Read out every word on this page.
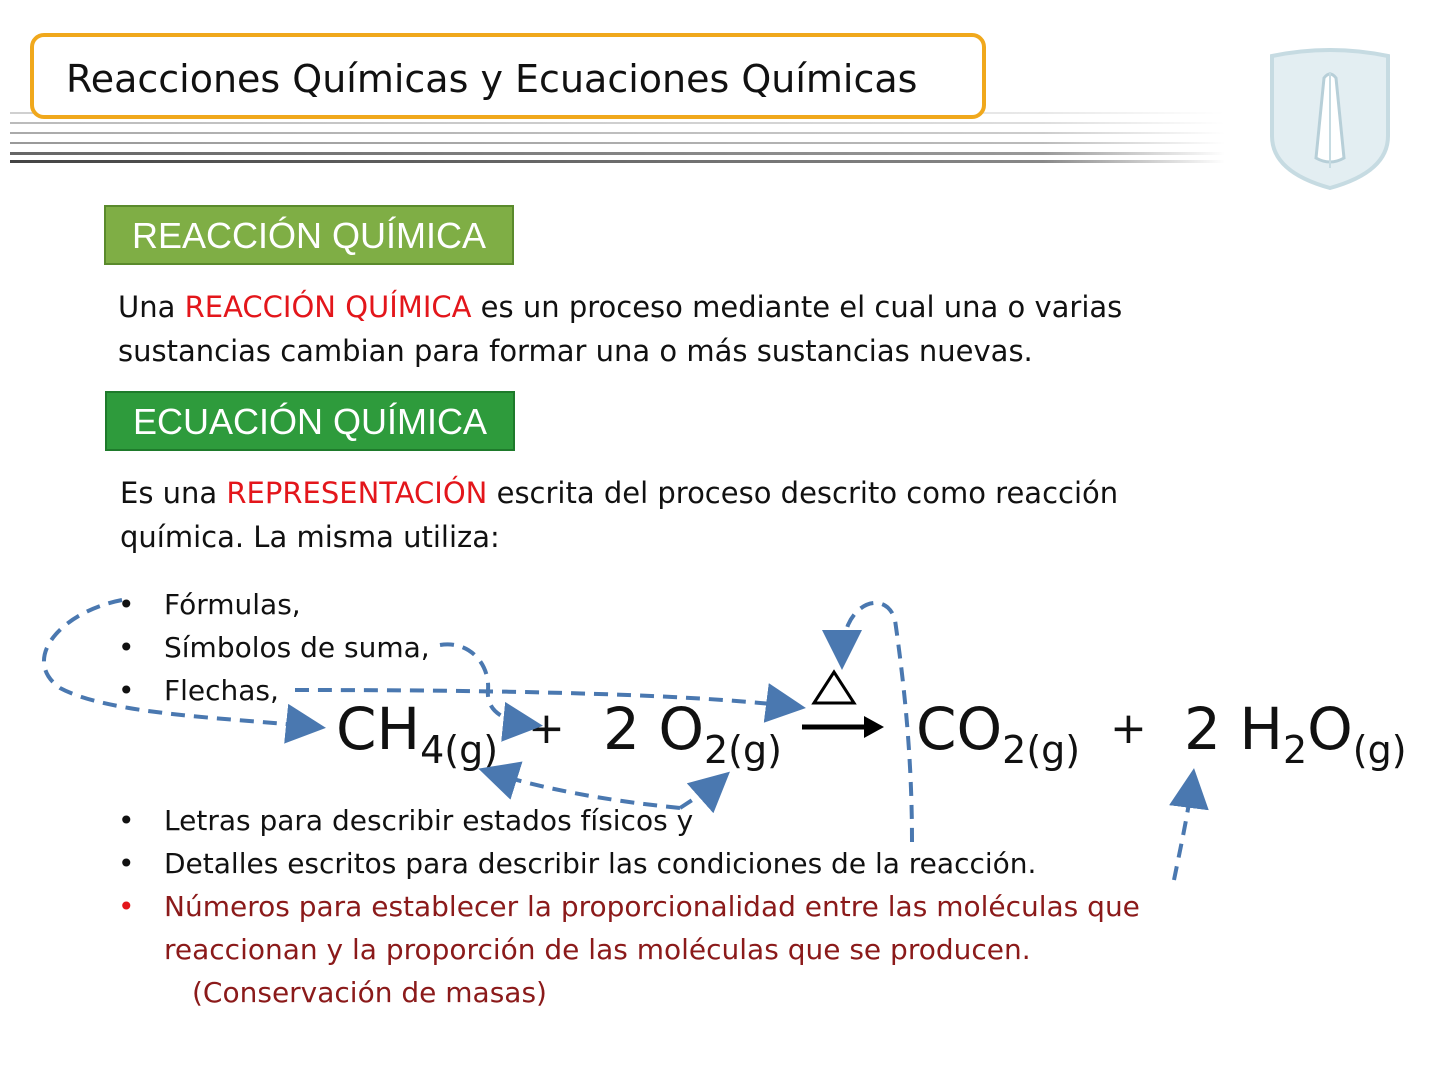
Reacciones Químicas y Ecuaciones Químicas
REACCIÓN QUÍMICA
Una REACCIÓN QUÍMICA es un proceso mediante el cual una o varias sustancias cambian para formar una o más sustancias nuevas.
ECUACIÓN QUÍMICA
Es una REPRESENTACIÓN escrita del proceso descrito como reacción química. La misma utiliza:
• Fórmulas,
• Símbolos de suma,
• Flechas,
$CH_{4(g)} + 2$ $O_{2(g)}$ $CO_{2(g)} + 2$ $H_2O_{(g)}$
• Letras para describir estados físicos y
• Detalles escritos para describir las condiciones de la reacción.
• Números para establecer la proporcionalidad entre las moléculas que
reaccionan y la proporción de las moléculas que se producen.
(Conservación de masas)
